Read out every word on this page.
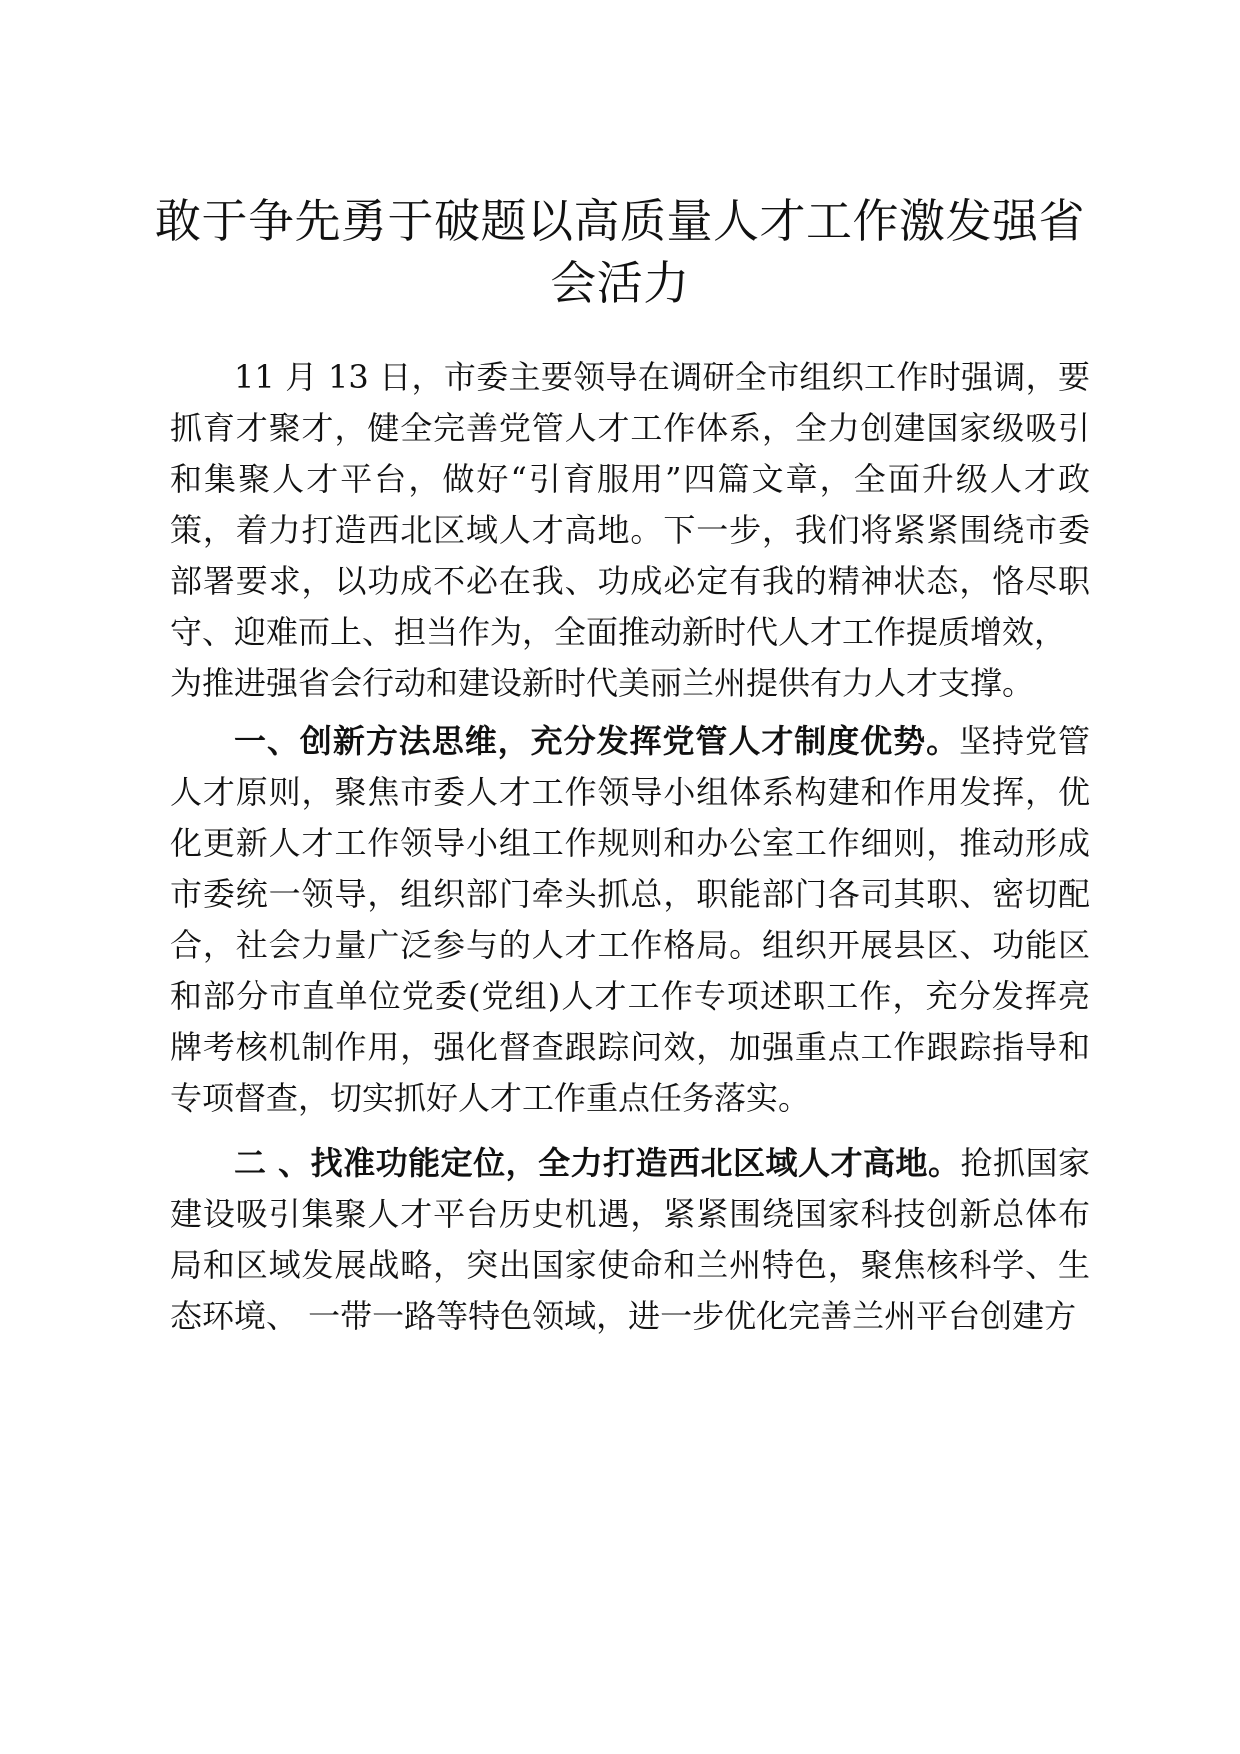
敢于争先勇于破题以高质量人才工作激发强省
会活力

11 月 13 日，市委主要领导在调研全市组织工作时强调，要 抓育才聚才，健全完善党管人才工作体系，全力创建国家级吸引 和集聚人才平台，做好“引育服用”四篇文章，全面升级人才政 策，着力打造西北区域人才高地。下一步，我们将紧紧围绕市委 部署要求，以功成不必在我、功成必定有我的精神状态，恪尽职 守、迎难而上、担当作为，全面推动新时代人才工作提质增效，

为推进强省会行动和建设新时代美丽兰州提供有力人才支撑。

一、创新方法思维，充分发挥党管人才制度优势。坚持党管人才原则，聚焦市委人才工作领导小组体系构建和作用发挥，优化更新人才工作领导小组工作规则和办公室工作细则，推动形成市委统一领导，组织部门牵头抓总，职能部门各司其职、密切配合，社会力量广泛参与的人才工作格局。组织开展县区、功能区和部分市直单位党委(党组)人才工作专项述职工作，充分发挥亮牌考核机制作用，强化督查跟踪问效，加强重点工作跟踪指导和专项督查，切实抓好人才工作重点任务落实。

二 、找准功能定位，全力打造西北区域人才高地。抢抓国家建设吸引集聚人才平台历史机遇，紧紧围绕国家科技创新总体布局和区域发展战略，突出国家使命和兰州特色，聚焦核科学、生态环境、 一带一路等特色领域，进一步优化完善兰州平台创建方
